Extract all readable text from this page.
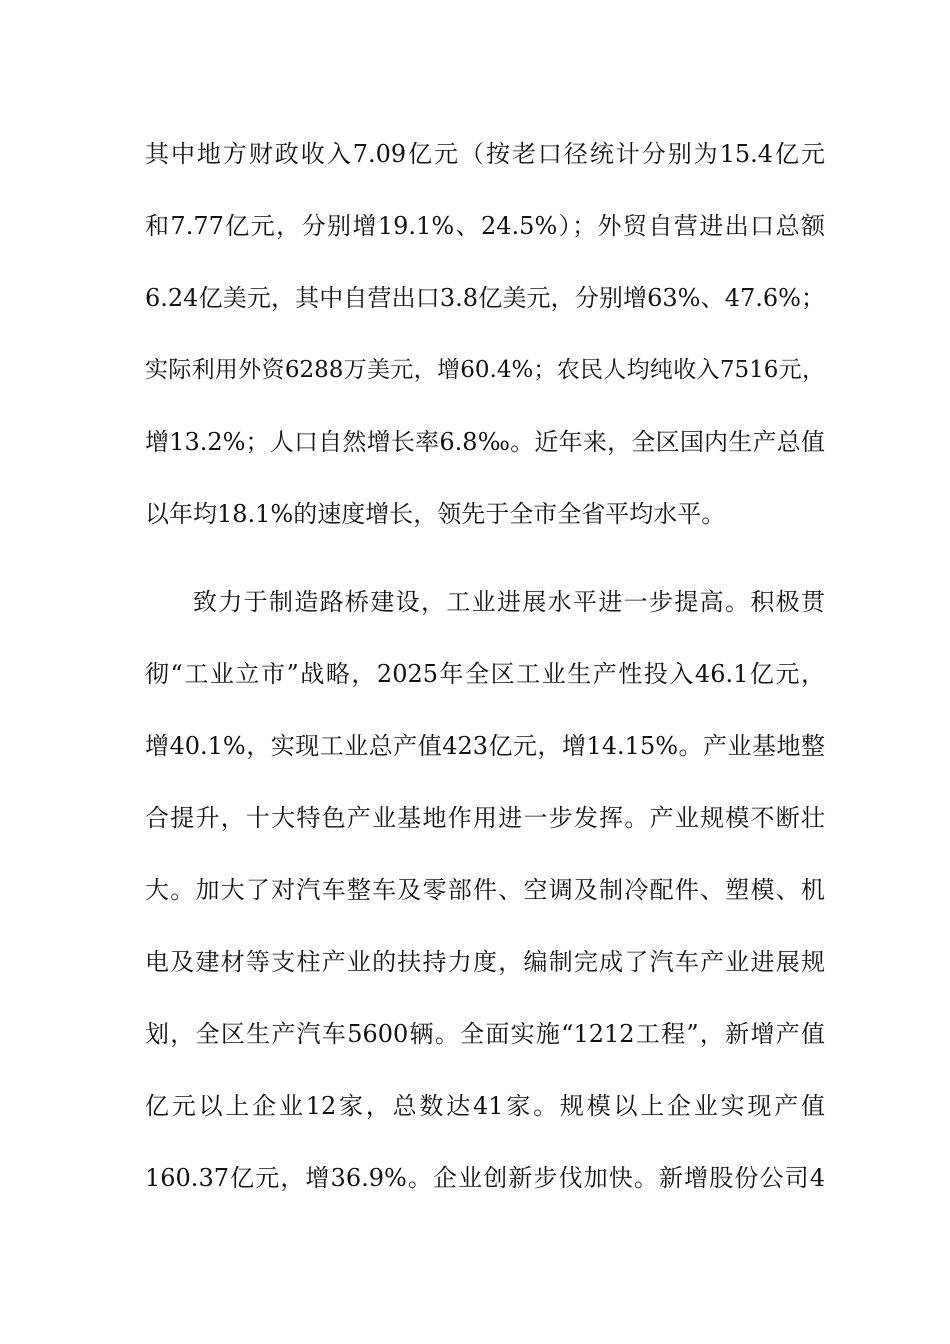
其中地方财政收入7.09亿元（按老口径统计分别为15.4亿元
和7.77亿元，分别增19.1%、24.5%）；外贸自营进出口总额
6.24亿美元，其中自营出口3.8亿美元，分别增63%、47.6%；
实际利用外资6288万美元，增60.4%；农民人均纯收入7516元，
增13.2%；人口自然增长率6.8‰。近年来，全区国内生产总值
以年均18.1%的速度增长，领先于全市全省平均水平。
致力于制造路桥建设，工业进展水平进一步提高。积极贯
彻“工业立市”战略，2025年全区工业生产性投入46.1亿元，
增40.1%，实现工业总产值423亿元，增14.15%。产业基地整
合提升，十大特色产业基地作用进一步发挥。产业规模不断壮
大。加大了对汽车整车及零部件、空调及制冷配件、塑模、机
电及建材等支柱产业的扶持力度，编制完成了汽车产业进展规
划，全区生产汽车5600辆。全面实施“1212工程”，新增产值
亿元以上企业12家，总数达41家。规模以上企业实现产值
160.37亿元，增36.9%。企业创新步伐加快。新增股份公司4
